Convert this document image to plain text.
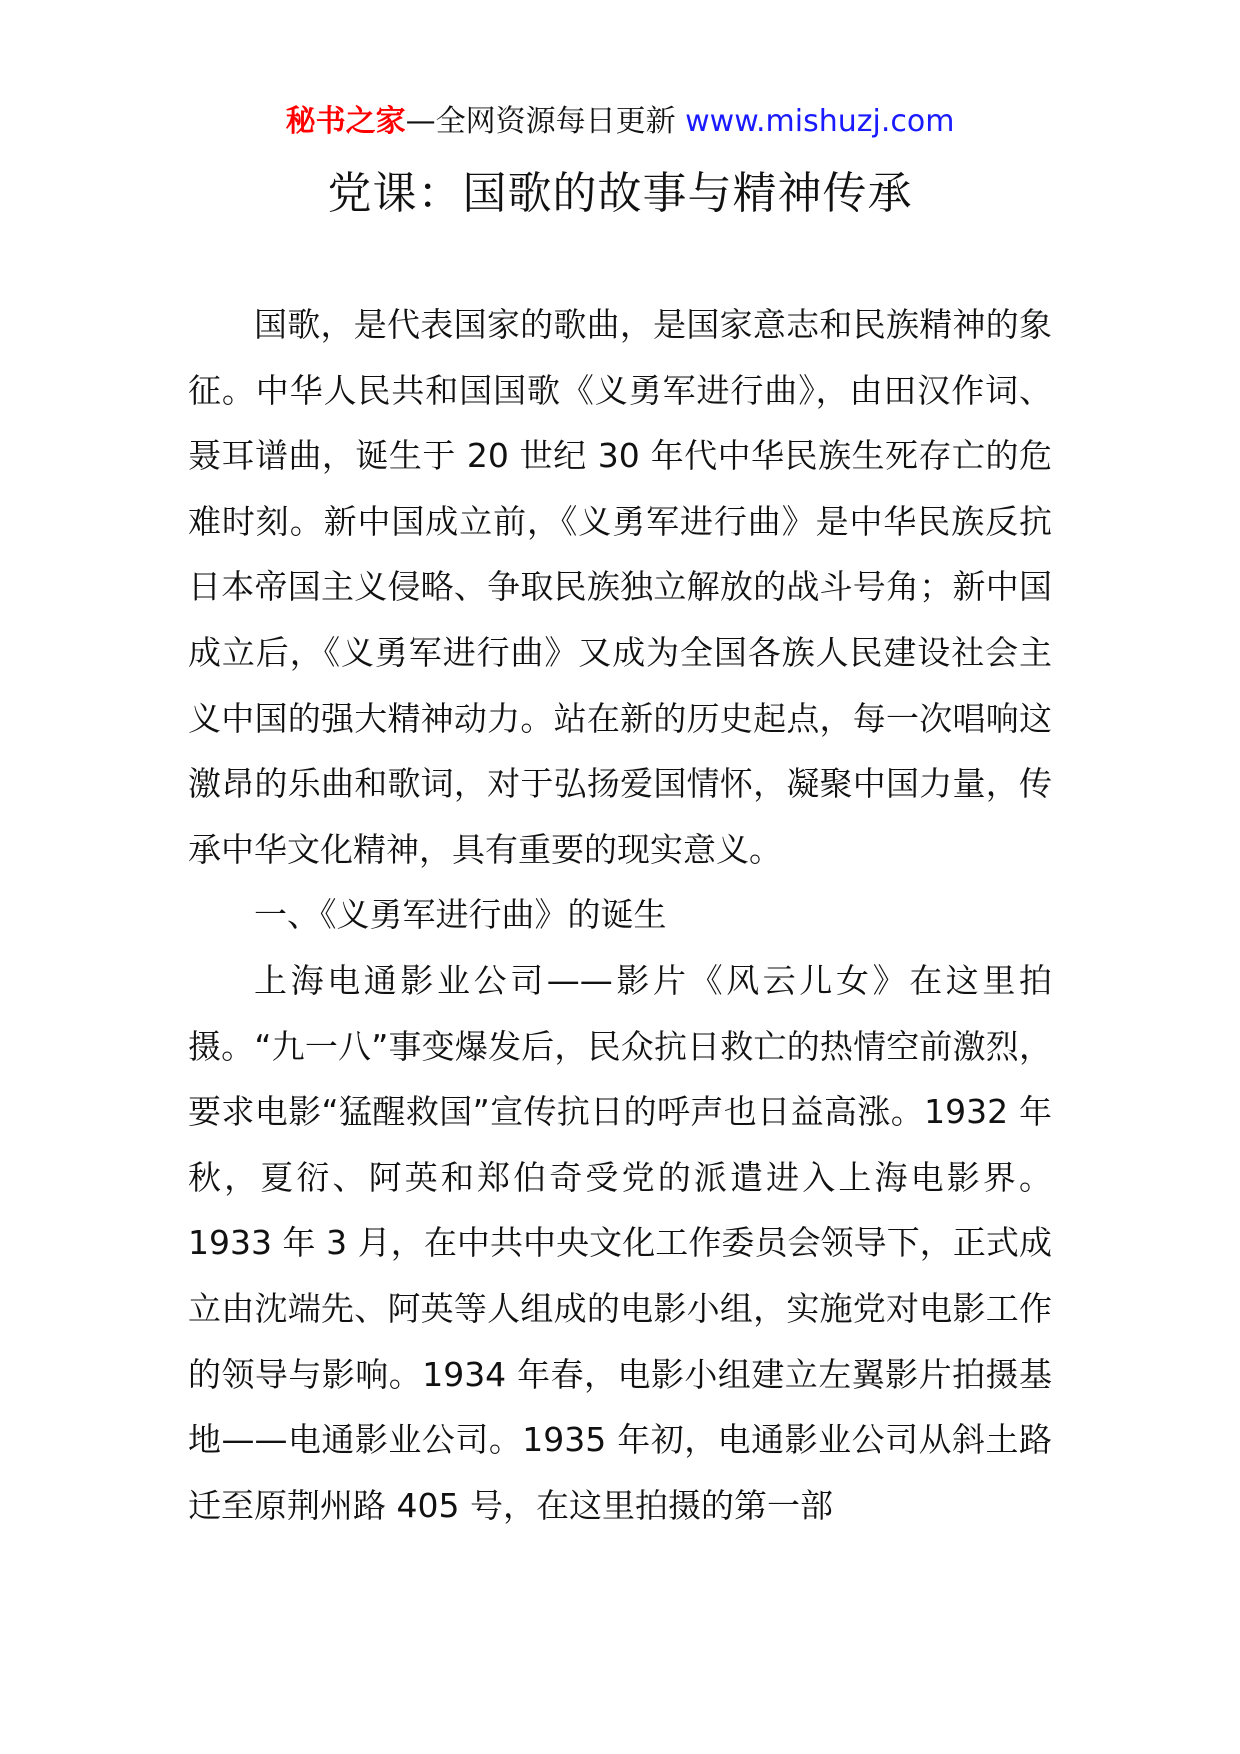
秘书之家—全网资源每日更新 www.mishuzj.com
党课：国歌的故事与精神传承

国歌，是代表国家的歌曲，是国家意志和民族精神的象征。中华人民共和国国歌《义勇军进行曲》，由田汉作词、聂耳谱曲，诞生于 20 世纪 30 年代中华民族生死存亡的危难时刻。新中国成立前，《义勇军进行曲》是中华民族反抗日本帝国主义侵略、争取民族独立解放的战斗号角；新中国成立后，《义勇军进行曲》又成为全国各族人民建设社会主义中国的强大精神动力。站在新的历史起点，每一次唱响这激昂的乐曲和歌词，对于弘扬爱国情怀，凝聚中国力量，传承中华文化精神，具有重要的现实意义。

一、《义勇军进行曲》的诞生

上海电通影业公司——影片《风云儿女》在这里拍摄。“九一八”事变爆发后，民众抗日救亡的热情空前激烈，要求电影“猛醒救国”宣传抗日的呼声也日益高涨。1932 年秋，夏衍、阿英和郑伯奇受党的派遣进入上海电影界。1933 年 3 月，在中共中央文化工作委员会领导下，正式成立由沈端先、阿英等人组成的电影小组，实施党对电影工作的领导与影响。1934 年春，电影小组建立左翼影片拍摄基地——电通影业公司。1935 年初，电通影业公司从斜土路迁至原荆州路 405 号，在这里拍摄的第一部
